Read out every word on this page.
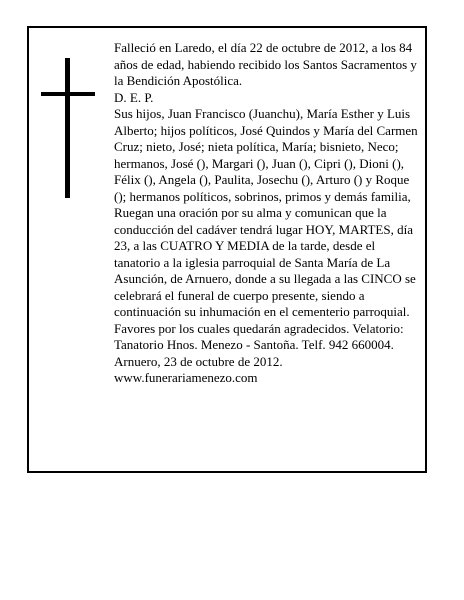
Falleció en Laredo, el día 22 de octubre de 2012, a los 84 años de edad, habiendo recibido los Santos Sacramentos y la Bendición Apostólica.

D. E. P.

Sus hijos, Juan Francisco (Juanchu), María Esther y Luis Alberto; hijos políticos, José Quindos y María del Carmen Cruz; nieto, José; nieta política, María; bisnieto, Neco; hermanos, José (), Margari (), Juan (), Cipri (), Dioni (), Félix (), Angela (), Paulita, Josechu (), Arturo () y Roque (); hermanos políticos, sobrinos, primos y demás familia,

Ruegan una oración por su alma y comunican que la conducción del cadáver tendrá lugar HOY, MARTES, día 23, a las CUATRO Y MEDIA de la tarde, desde el tanatorio a la iglesia parroquial de Santa María de La Asunción, de Arnuero, donde a su llegada a las CINCO se celebrará el funeral de cuerpo presente, siendo a continuación su inhumación en el cementerio parroquial. Favores por los cuales quedarán agradecidos. Velatorio: Tanatorio Hnos. Menezo - Santoña. Telf. 942 660004.

Arnuero, 23 de octubre de 2012.

www.funerariamenezo.com
